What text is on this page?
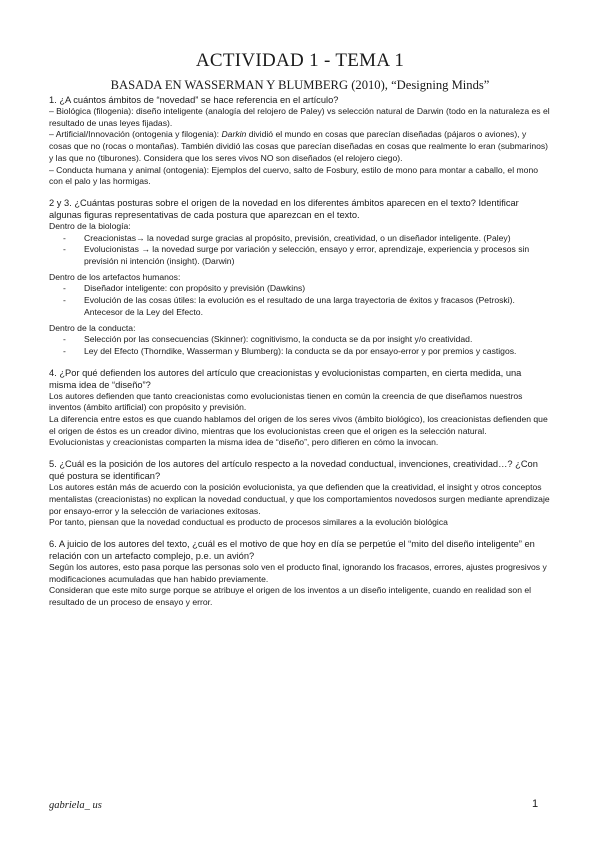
ACTIVIDAD 1 - TEMA 1
BASADA EN WASSERMAN Y BLUMBERG (2010), “Designing Minds”

1. ¿A cuántos ámbitos de “novedad” se hace referencia en el artículo?

– Biológica (filogenia): diseño inteligente (analogía del relojero de Paley) vs selección natural de Darwin (todo en la naturaleza es el resultado de unas leyes fijadas).

– Artificial/Innovación (ontogenia y filogenia): Darkin dividió el mundo en cosas que parecían diseñadas (pájaros o aviones), y cosas que no (rocas o montañas). También dividió las cosas que parecían diseñadas en cosas que realmente lo eran (submarinos) y las que no (tiburones). Considera que los seres vivos NO son diseñados (el relojero ciego).

– Conducta humana y animal (ontogenia): Ejemplos del cuervo, salto de Fosbury, estilo de mono para montar a caballo, el mono con el palo y las hormigas.

2 y 3. ¿Cuántas posturas sobre el origen de la novedad en los diferentes ámbitos aparecen en el texto? Identificar algunas figuras representativas de cada postura que aparezcan en el texto.

Dentro de la biología:

- Creacionistas→ la novedad surge gracias al propósito, previsión, creatividad, o un diseñador inteligente. (Paley)
- Evolucionistas → la novedad surge por variación y selección, ensayo y error, aprendizaje, experiencia y procesos sin previsión ni intención (insight). (Darwin)

Dentro de los artefactos humanos:

- Diseñador inteligente: con propósito y previsión (Dawkins)
- Evolución de las cosas útiles: la evolución es el resultado de una larga trayectoria de éxitos y fracasos (Petroski). Antecesor de la Ley del Efecto.

Dentro de la conducta:

- Selección por las consecuencias (Skinner): cognitivismo, la conducta se da por insight y/o creatividad.
- Ley del Efecto (Thorndike, Wasserman y Blumberg): la conducta se da por ensayo-error y por premios y castigos.

4. ¿Por qué defienden los autores del artículo que creacionistas y evolucionistas comparten, en cierta medida, una misma idea de “diseño”?

Los autores defienden que tanto creacionistas como evolucionistas tienen en común la creencia de que diseñamos nuestros inventos (ámbito artificial) con propósito y previsión.

La diferencia entre estos es que cuando hablamos del origen de los seres vivos (ámbito biológico), los creacionistas defienden que el origen de éstos es un creador divino, mientras que los evolucionistas creen que el origen es la selección natural.

Evolucionistas y creacionistas comparten la misma idea de “diseño”, pero difieren en cómo la invocan.

5. ¿Cuál es la posición de los autores del artículo respecto a la novedad conductual, invenciones, creatividad…? ¿Con qué postura se identifican?

Los autores están más de acuerdo con la posición evolucionista, ya que defienden que la creatividad, el insight y otros conceptos mentalistas (creacionistas) no explican la novedad conductual, y que los comportamientos novedosos surgen mediante aprendizaje por ensayo-error y la selección de variaciones exitosas.

Por tanto, piensan que la novedad conductual es producto de procesos similares a la evolución biológica

6. A juicio de los autores del texto, ¿cuál es el motivo de que hoy en día se perpetúe el “mito del diseño inteligente” en relación con un artefacto complejo, p.e. un avión?

Según los autores, esto pasa porque las personas solo ven el producto final, ignorando los fracasos, errores, ajustes progresivos y modificaciones acumuladas que han habido previamente.

Consideran que este mito surge porque se atribuye el origen de los inventos a un diseño inteligente, cuando en realidad son el resultado de un proceso de ensayo y error.

gabriela_ us	1
